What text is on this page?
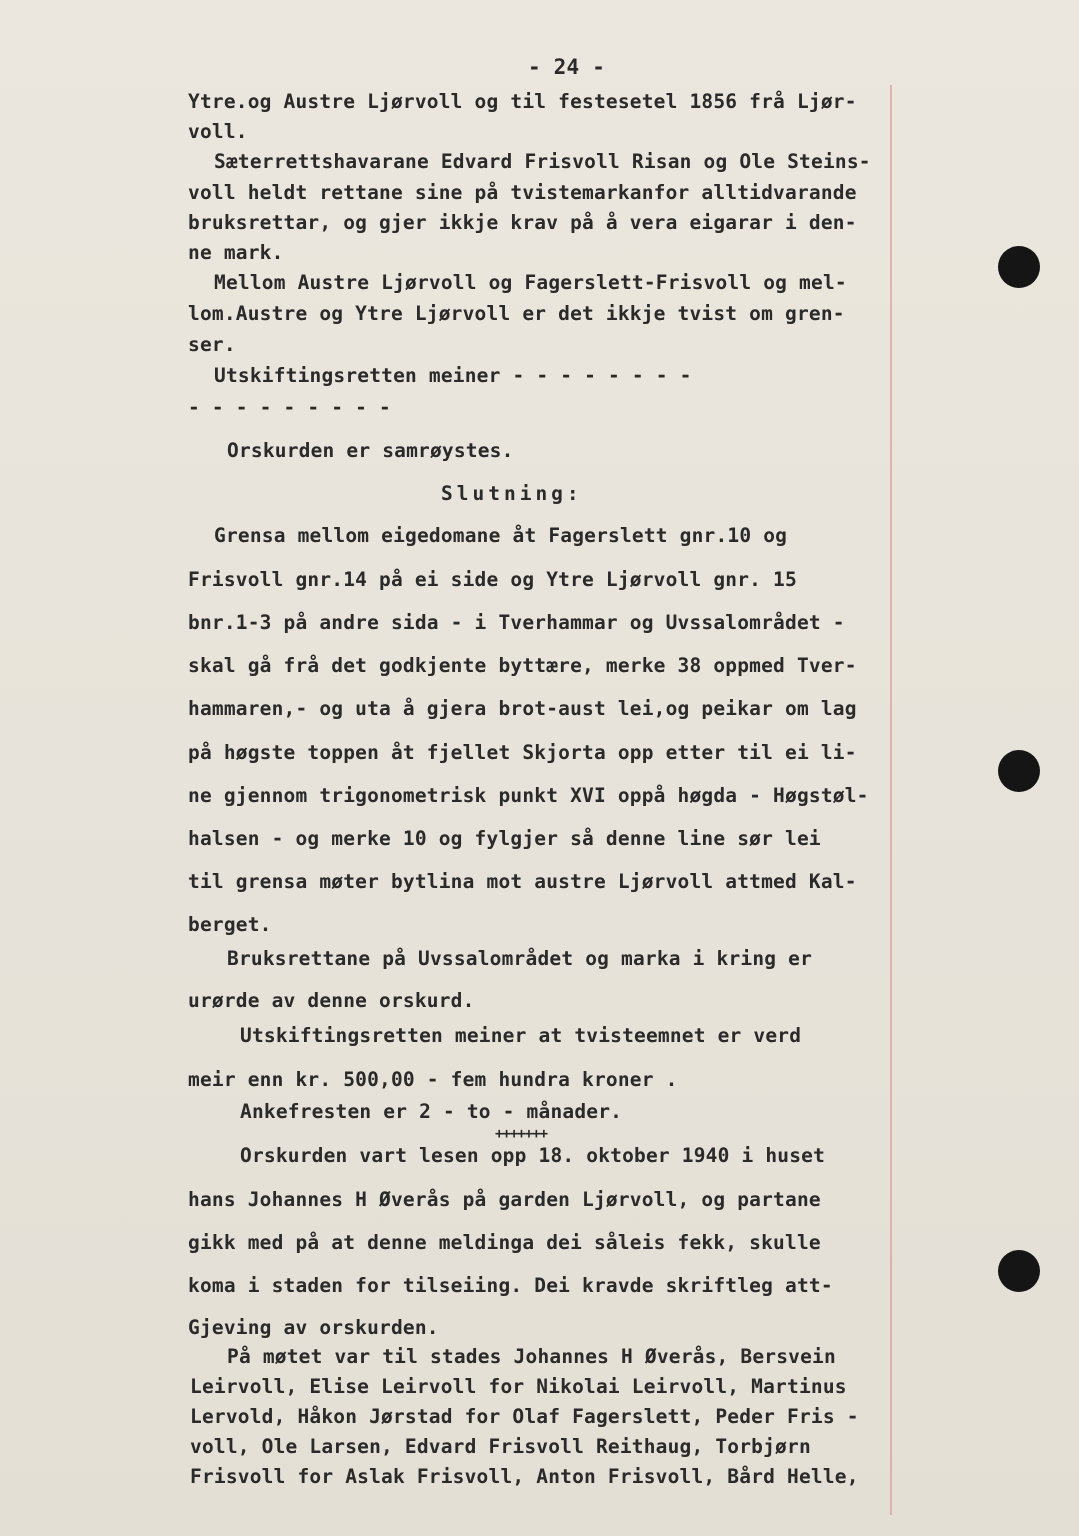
- 24 -
Ytre.og Austre Ljørvoll og til festesetel 1856 frå Ljør-
voll.
Sæterrettshavarane Edvard Frisvoll Risan og Ole Steins-
voll heldt rettane sine på tvistemarkanfor alltidvarande
bruksrettar, og gjer ikkje krav på å vera eigarar i den-
ne mark.
Mellom Austre Ljørvoll og Fagerslett-Frisvoll og mel-
lom.Austre og Ytre Ljørvoll er det ikkje tvist om gren-
ser.
Utskiftingsretten meiner - - - - - - - -
- - - - - - - - -
Orskurden er samrøystes.
Slutning:
Grensa mellom eigedomane åt Fagerslett gnr.10 og
Frisvoll gnr.14 på ei side og Ytre Ljørvoll gnr. 15
bnr.1-3 på andre sida - i Tverhammar og Uvssalområdet -
skal gå frå det godkjente byttære, merke 38 oppmed Tver-
hammaren,- og uta å gjera brot-aust lei,og peikar om lag
på høgste toppen åt fjellet Skjorta opp etter til ei li-
ne gjennom trigonometrisk punkt XVI oppå høgda - Høgstøl-
halsen - og merke 10 og fylgjer så denne line sør lei
til grensa møter bytlina mot austre Ljørvoll attmed Kal-
berget.
Bruksrettane på Uvssalområdet og marka i kring er
urørde av denne orskurd.
Utskiftingsretten meiner at tvisteemnet er verd
meir enn kr. 500,00 - fem hundra kroner .
Ankefresten er 2 - to - månader.
+++++++
Orskurden vart lesen opp 18. oktober 1940 i huset
hans Johannes H Øverås på garden Ljørvoll, og partane
gikk med på at denne meldinga dei såleis fekk, skulle
koma i staden for tilseiing. Dei kravde skriftleg att-
Gjeving av orskurden.
På møtet var til stades Johannes H Øverås, Bersvein
Leirvoll, Elise Leirvoll for Nikolai Leirvoll, Martinus
Lervold, Håkon Jørstad for Olaf Fagerslett, Peder Fris -
voll, Ole Larsen, Edvard Frisvoll Reithaug, Torbjørn
Frisvoll for Aslak Frisvoll, Anton Frisvoll, Bård Helle,
